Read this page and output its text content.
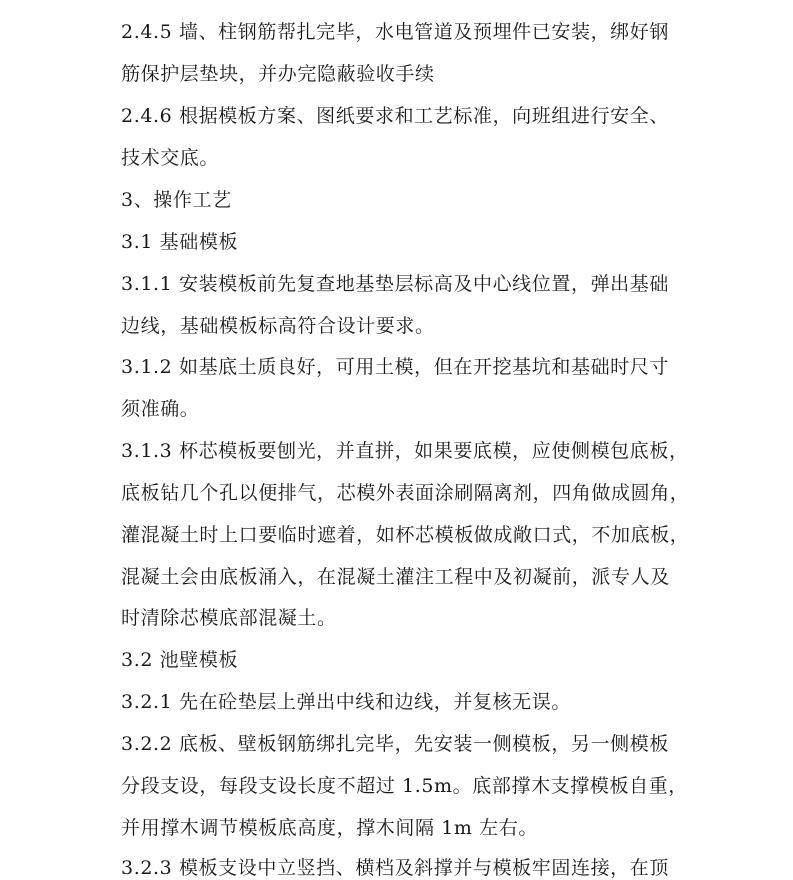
2.4.5 墙、柱钢筋帮扎完毕，水电管道及预埋件已安装，绑好钢
筋保护层垫块，并办完隐蔽验收手续
2.4.6 根据模板方案、图纸要求和工艺标准，向班组进行安全、
技术交底。
3、操作工艺
3.1 基础模板
3.1.1 安装模板前先复查地基垫层标高及中心线位置，弹出基础
边线，基础模板标高符合设计要求。
3.1.2 如基底土质良好，可用土模，但在开挖基坑和基础时尺寸
须准确。
3.1.3 杯芯模板要刨光，并直拼，如果要底模，应使侧模包底板，
底板钻几个孔以便排气，芯模外表面涂刷隔离剂，四角做成圆角，
灌混凝土时上口要临时遮着，如杯芯模板做成敞口式，不加底板，
混凝土会由底板涌入，在混凝土灌注工程中及初凝前，派专人及
时清除芯模底部混凝土。
3.2 池壁模板
3.2.1 先在砼垫层上弹出中线和边线，并复核无误。
3.2.2 底板、壁板钢筋绑扎完毕，先安装一侧模板，另一侧模板
分段支设，每段支设长度不超过 1.5m。底部撑木支撑模板自重，
并用撑木调节模板底高度，撑木间隔 1m 左右。
3.2.3 模板支设中立竖挡、横档及斜撑并与模板牢固连接，在顶
